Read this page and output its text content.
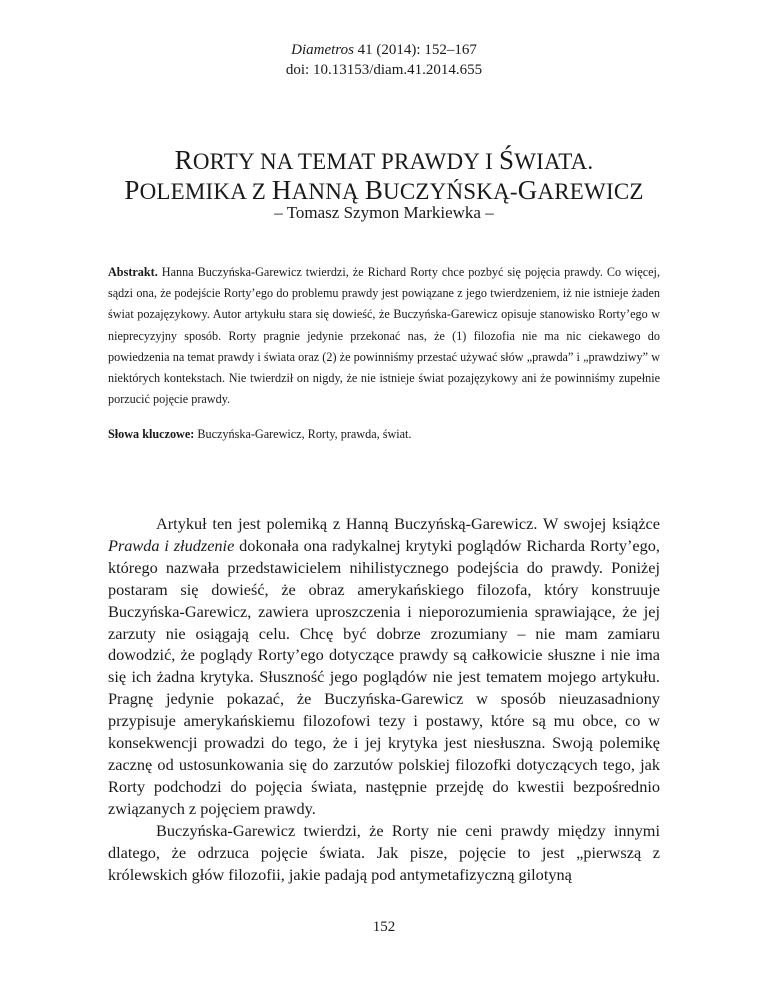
Diametros 41 (2014): 152–167
doi: 10.13153/diam.41.2014.655

RORTY NA TEMAT PRAWDY I ŚWIATA.

POLEMIKA Z HANNĄ BUCZYŃSKĄ-GAREWICZ

– Tomasz Szymon Markiewka –

Abstrakt. Hanna Buczyńska-Garewicz twierdzi, że Richard Rorty chce pozbyć się pojęcia prawdy. Co więcej, sądzi ona, że podejście Rorty’ego do problemu prawdy jest powiązane z jego twierdzeniem, iż nie istnieje żaden świat pozajęzykowy. Autor artykułu stara się dowieść, że Buczyńska-Garewicz opisuje stanowisko Rorty’ego w nieprecyzyjny sposób. Rorty pragnie jedynie przekonać nas, że (1) filozofia nie ma nic ciekawego do powiedzenia na temat prawdy i świata oraz (2) że powinniśmy przestać używać słów „prawda” i „prawdziwy” w niektórych kontekstach. Nie twierdził on nigdy, że nie istnieje świat pozajęzykowy ani że powinniśmy zupełnie porzucić pojęcie prawdy.

Słowa kluczowe: Buczyńska-Garewicz, Rorty, prawda, świat.

Artykuł ten jest polemiką z Hanną Buczyńską-Garewicz. W swojej książce Prawda i złudzenie dokonała ona radykalnej krytyki poglądów Richarda Rorty’ego, którego nazwała przedstawicielem nihilistycznego podejścia do prawdy. Poniżej postaram się dowieść, że obraz amerykańskiego filozofa, który konstruuje Buczyńska-Garewicz, zawiera uproszczenia i nieporozumienia sprawiające, że jej zarzuty nie osiągają celu. Chcę być dobrze zrozumiany – nie mam zamiaru dowodzić, że poglądy Rorty’ego dotyczące prawdy są całkowicie słuszne i nie ima się ich żadna krytyka. Słuszność jego poglądów nie jest tematem mojego artykułu. Pragnę jedynie pokazać, że Buczyńska-Garewicz w sposób nieuzasadniony przypisuje amerykańskiemu filozofowi tezy i postawy, które są mu obce, co w konsekwencji prowadzi do tego, że i jej krytyka jest niesłuszna. Swoją polemikę zacznę od ustosunkowania się do zarzutów polskiej filozofki dotyczących tego, jak Rorty podchodzi do pojęcia świata, następnie przejdę do kwestii bezpośrednio związanych z pojęciem prawdy.

Buczyńska-Garewicz twierdzi, że Rorty nie ceni prawdy między innymi dlatego, że odrzuca pojęcie świata. Jak pisze, pojęcie to jest „pierwszą z królewskich głów filozofii, jakie padają pod antymetafizyczną gilotyną

152
